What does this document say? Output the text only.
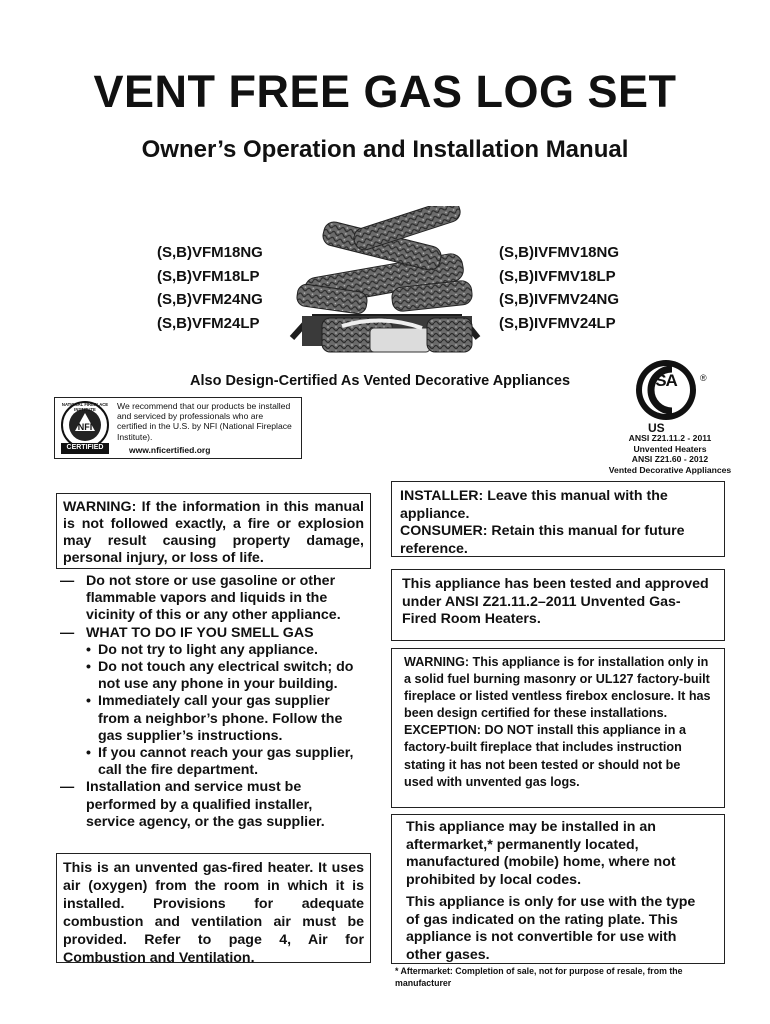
VENT FREE GAS LOG SET
Owner’s Operation and Installation Manual
(S,B)VFM18NG
(S,B)VFM18LP
(S,B)VFM24NG
(S,B)VFM24LP
(S,B)IVFMV18NG
(S,B)IVFMV18LP
(S,B)IVFMV24NG
(S,B)IVFMV24LP
Also Design-Certified As Vented Decorative Appliances
NATIONAL FIREPLACE INSTITUTE
NFI
CERTIFIED
We recommend that our products be installed and serviced by professionals who are certified in the U.S. by NFI (National Fireplace Institute).
www.nficertified.org
SA	®
US
ANSI Z21.11.2 - 2011
Unvented Heaters
ANSI Z21.60 - 2012
Vented Decorative Appliances
WARNING: If the information in this manual is not followed exactly, a fire or explosion may result causing property damage, personal injury, or loss of life.
— Do not store or use gasoline or other flammable vapors and liquids in the vicinity of this or any other appliance.
— WHAT TO DO IF YOU SMELL GAS
• Do not try to light any appliance.
• Do not touch any electrical switch; do not use any phone in your building.
• Immediately call your gas supplier from a neighbor’s phone. Follow the gas supplier’s instructions.
• If you cannot reach your gas supplier, call the fire department.
— Installation and service must be performed by a qualified installer, service agency, or the gas supplier.
This is an unvented gas-fired heater. It uses air (oxygen) from the room in which it is installed. Provisions for adequate combustion and ventilation air must be provided. Refer to page 4, Air for Combustion and Ventilation.
INSTALLER: Leave this manual with the appliance.
CONSUMER: Retain this manual for future reference.
This appliance has been tested and approved under ANSI Z21.11.2–2011 Unvented Gas-Fired Room Heaters.
WARNING: This appliance is for installation only in a solid fuel burning masonry or UL127 factory-built fireplace or listed ventless firebox enclosure. It has been design certified for these installations. EXCEPTION: DO NOT install this appliance in a factory-built fireplace that includes instruction stating it has not been tested or should not be used with unvented gas logs.

This appliance may be installed in an aftermarket,* permanently located, manufactured (mobile) home, where not prohibited by local codes.

This appliance is only for use with the type of gas indicated on the rating plate. This appliance is not convertible for use with other gases.

* Aftermarket: Completion of sale, not for purpose of resale, from the manufacturer
